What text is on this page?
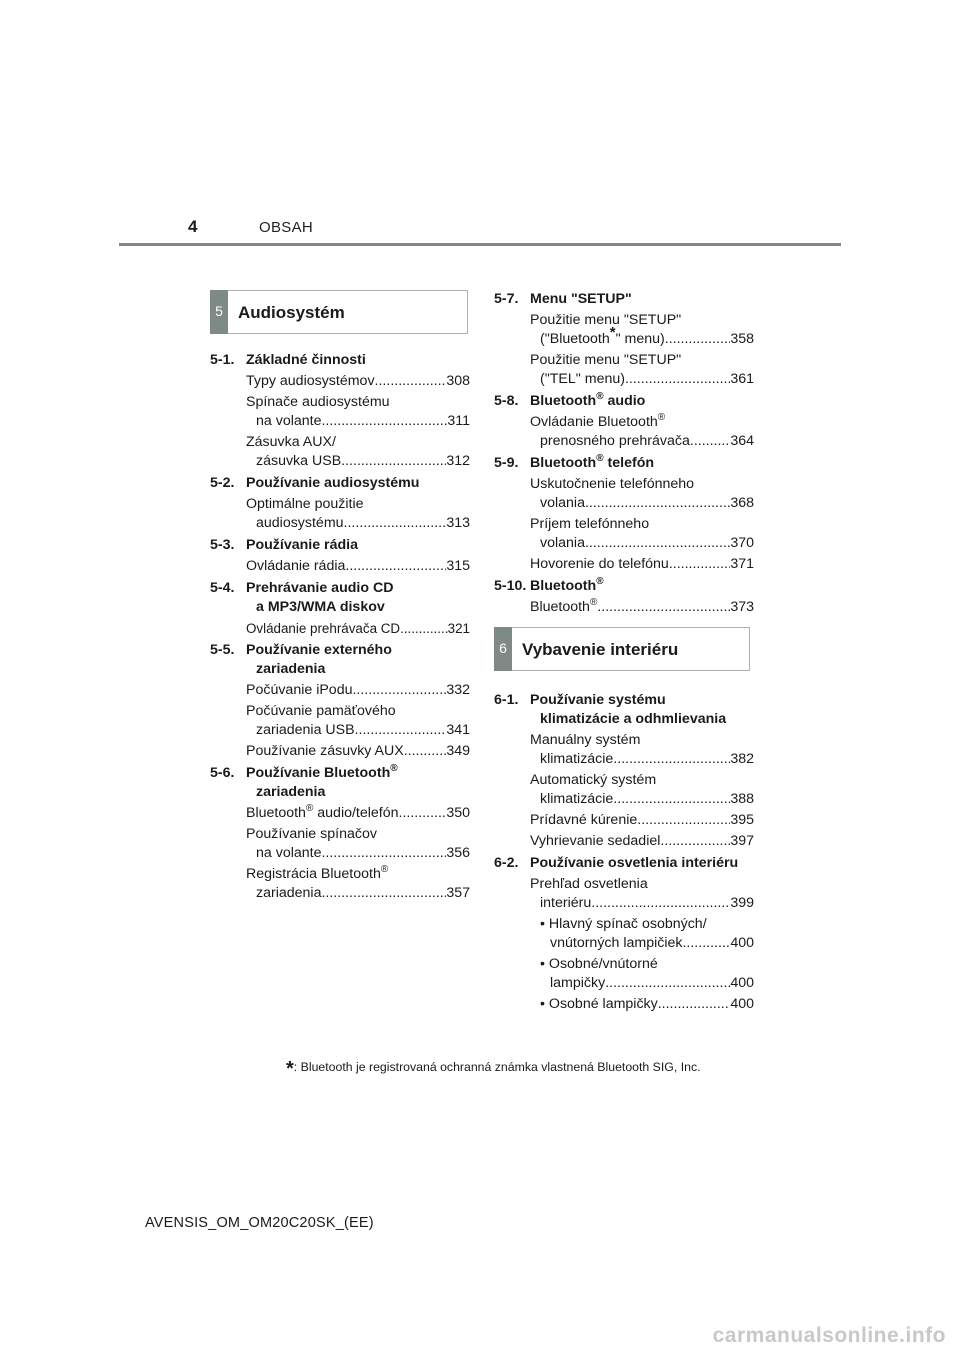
4	OBSAH
5 Audiosystém
5-1. Základné činnosti
Typy audiosystémov .....	308
Spínače audiosystému
na volante .....	311
Zásuvka AUX/
zásuvka USB .....	312
5-2. Používanie audiosystému
Optimálne použitie
audiosystému .....	313
5-3. Používanie rádia
Ovládanie rádia .....	315
5-4. Prehrávanie audio CD
a MP3/WMA diskov
Ovládanie prehrávača CD .....	321
5-5. Používanie externého
zariadenia
Počúvanie iPodu .....	332
Počúvanie pamäťového
zariadenia USB .....	341
Používanie zásuvky AUX .....	349
5-6. Používanie Bluetooth®
zariadenia
Bluetooth® audio/telefón .....	350
Používanie spínačov
na volante .....	356
Registrácia Bluetooth®
zariadenia .....	357
5-7. Menu "SETUP"
Použitie menu "SETUP"
("Bluetooth*" menu) .....	358
Použitie menu "SETUP"
("TEL" menu) .....	361
5-8. Bluetooth® audio
Ovládanie Bluetooth®
prenosného prehrávača .....	364
5-9. Bluetooth® telefón
Uskutočnenie telefónneho
volania .....	368
Príjem telefónneho
volania .....	370
Hovorenie do telefónu .....	371
5-10. Bluetooth®
Bluetooth® .....	373
6 Vybavenie interiéru
6-1. Používanie systému
klimatizácie a odhmlievania
Manuálny systém
klimatizácie .....	382
Automatický systém
klimatizácie .....	388
Prídavné kúrenie .....	395
Vyhrievanie sedadiel .....	397
6-2. Používanie osvetlenia interiéru
Prehľad osvetlenia
interiéru .....	399
• Hlavný spínač osobných/
vnútorných lampičiek .....	400
• Osobné/vnútorné
lampičky .....	400
• Osobné lampičky .....	400
*: Bluetooth je registrovaná ochranná známka vlastnená Bluetooth SIG, Inc.
AVENSIS_OM_OM20C20SK_(EE)
carmanualsonline.info
